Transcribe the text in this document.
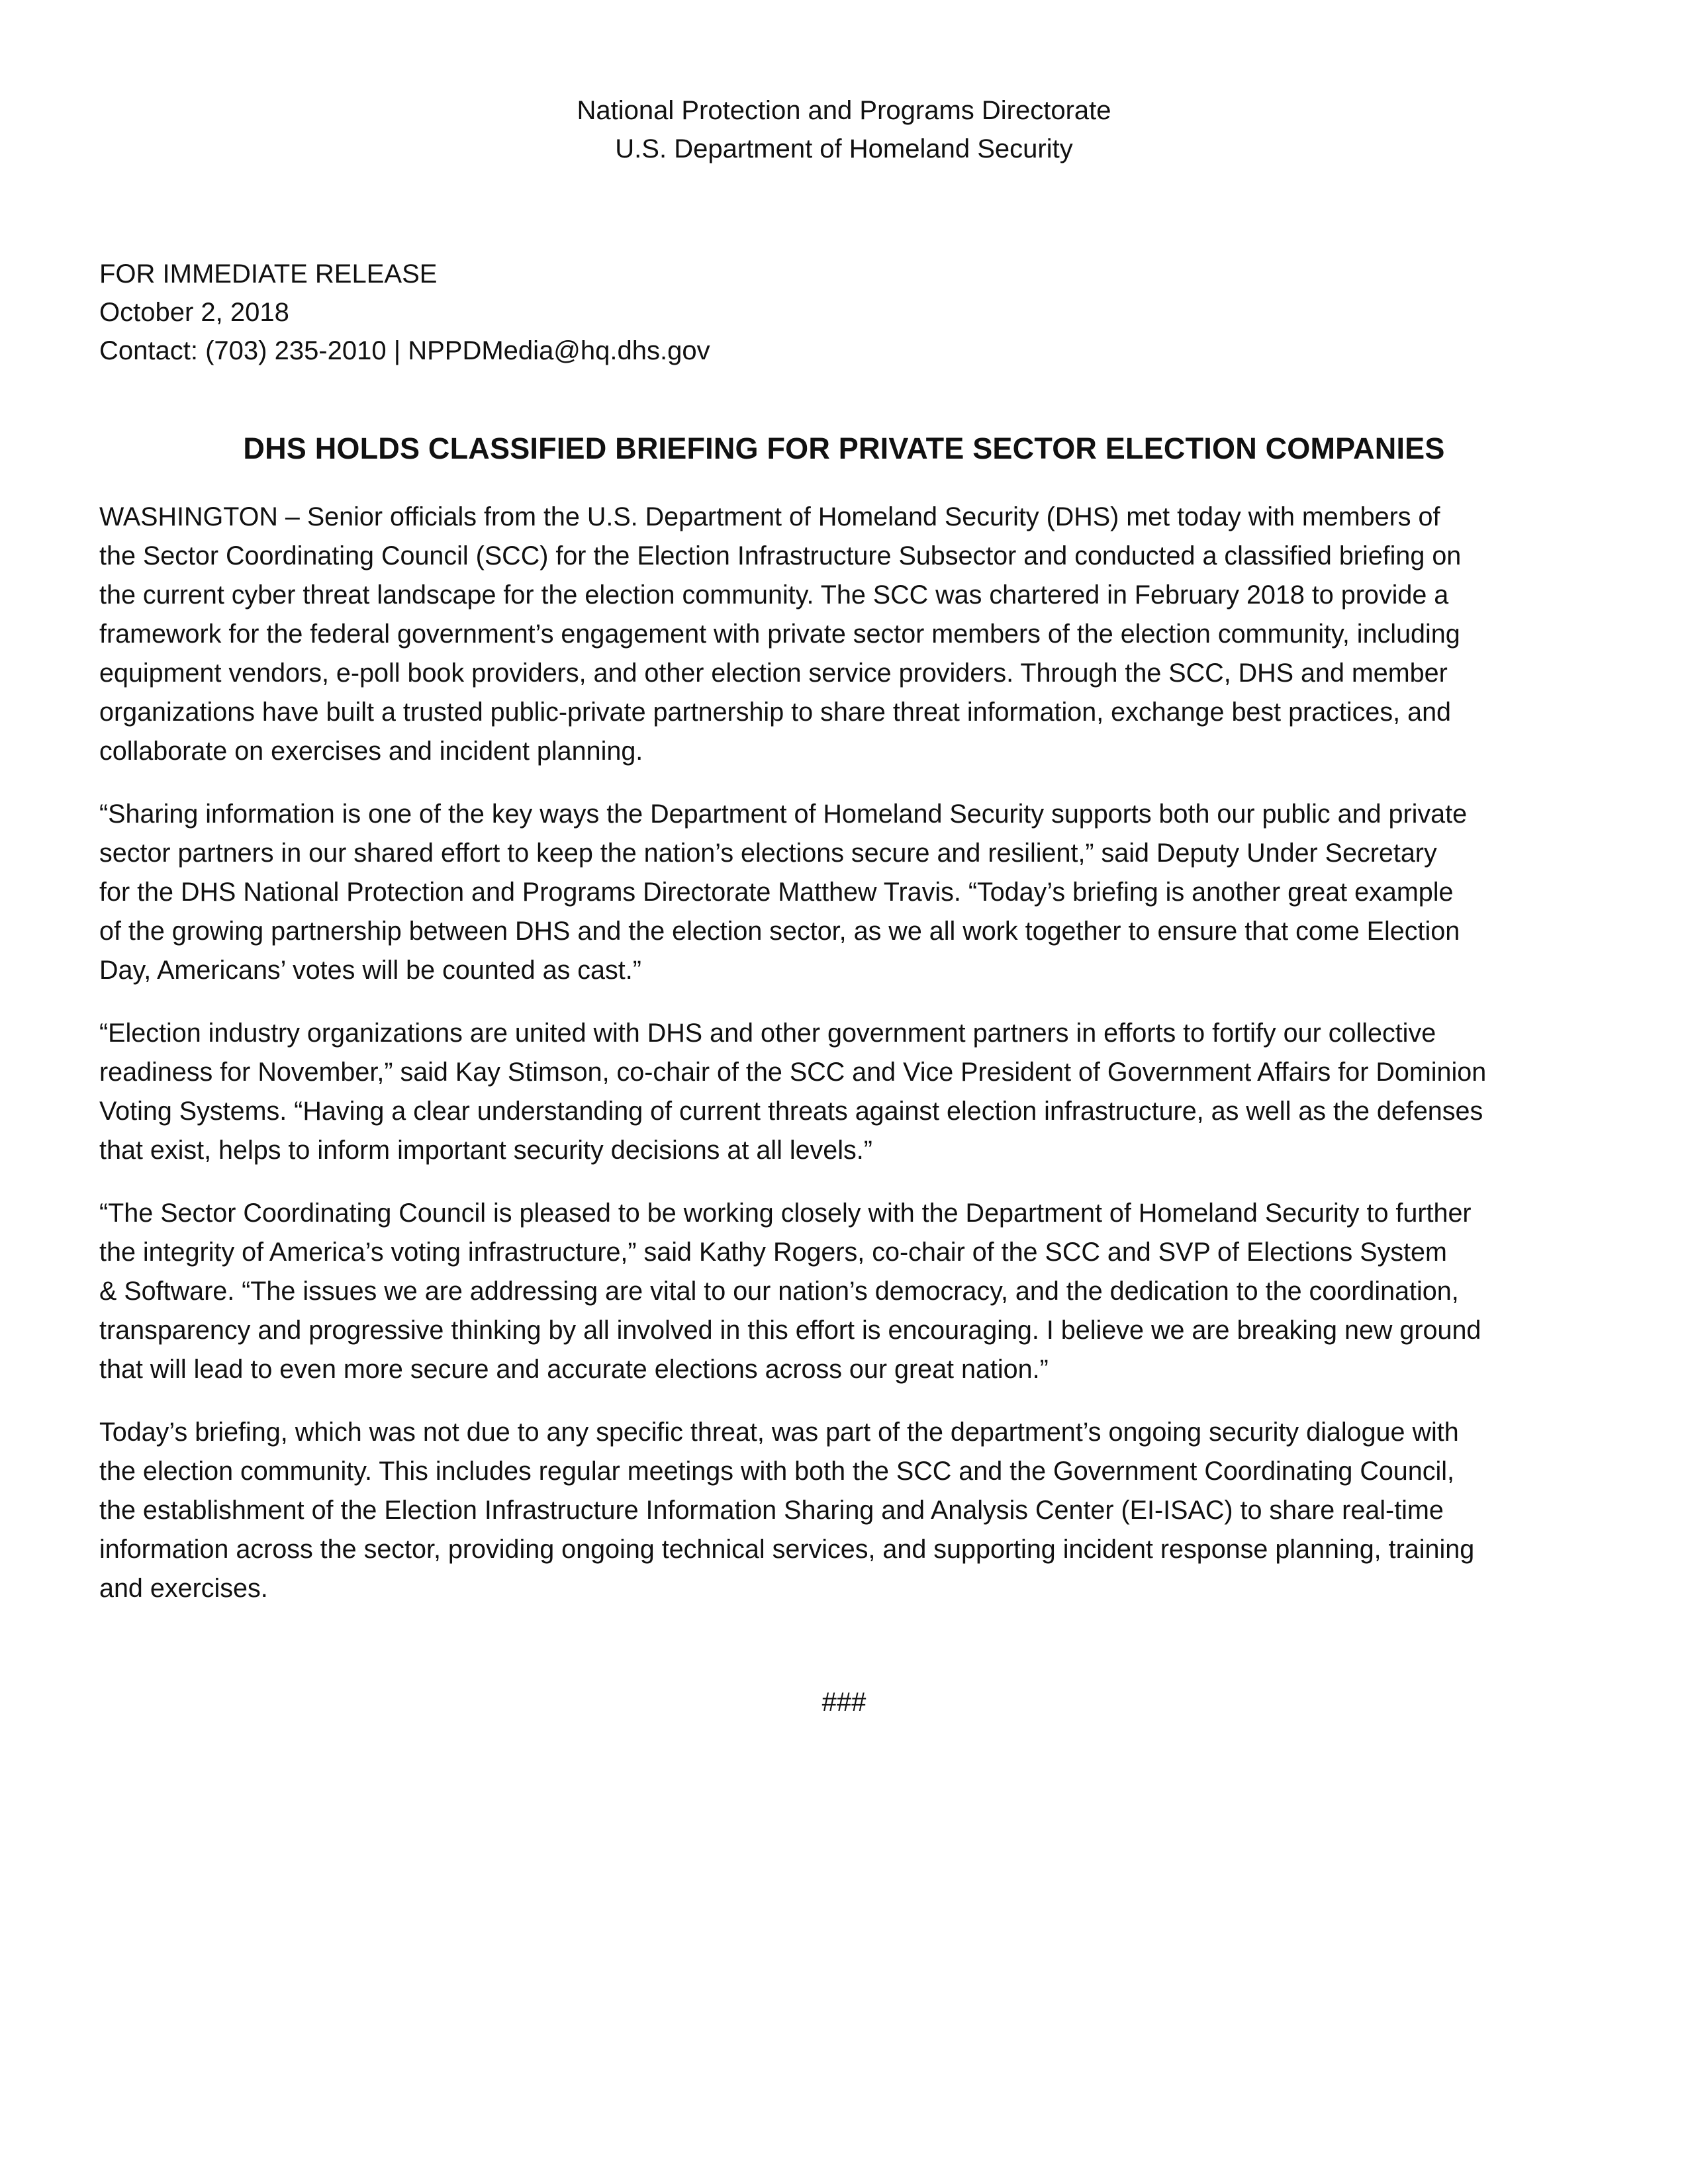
National Protection and Programs Directorate
U.S. Department of Homeland Security
FOR IMMEDIATE RELEASE
October 2, 2018
Contact: (703) 235-2010 | NPPDMedia@hq.dhs.gov
DHS HOLDS CLASSIFIED BRIEFING FOR PRIVATE SECTOR ELECTION COMPANIES
WASHINGTON – Senior officials from the U.S. Department of Homeland Security (DHS) met today with members of
the Sector Coordinating Council (SCC) for the Election Infrastructure Subsector and conducted a classified briefing on
the current cyber threat landscape for the election community. The SCC was chartered in February 2018 to provide a
framework for the federal government’s engagement with private sector members of the election community, including
equipment vendors, e-poll book providers, and other election service providers. Through the SCC, DHS and member
organizations have built a trusted public-private partnership to share threat information, exchange best practices, and
collaborate on exercises and incident planning.
“Sharing information is one of the key ways the Department of Homeland Security supports both our public and private
sector partners in our shared effort to keep the nation’s elections secure and resilient,” said Deputy Under Secretary
for the DHS National Protection and Programs Directorate Matthew Travis. “Today’s briefing is another great example
of the growing partnership between DHS and the election sector, as we all work together to ensure that come Election
Day, Americans’ votes will be counted as cast.”
“Election industry organizations are united with DHS and other government partners in efforts to fortify our collective
readiness for November,” said Kay Stimson, co-chair of the SCC and Vice President of Government Affairs for Dominion
Voting Systems. “Having a clear understanding of current threats against election infrastructure, as well as the defenses
that exist, helps to inform important security decisions at all levels.”
“The Sector Coordinating Council is pleased to be working closely with the Department of Homeland Security to further
the integrity of America’s voting infrastructure,” said Kathy Rogers, co-chair of the SCC and SVP of Elections System
& Software. “The issues we are addressing are vital to our nation’s democracy, and the dedication to the coordination,
transparency and progressive thinking by all involved in this effort is encouraging. I believe we are breaking new ground
that will lead to even more secure and accurate elections across our great nation.”
Today’s briefing, which was not due to any specific threat, was part of the department’s ongoing security dialogue with
the election community. This includes regular meetings with both the SCC and the Government Coordinating Council,
the establishment of the Election Infrastructure Information Sharing and Analysis Center (EI-ISAC) to share real-time
information across the sector, providing ongoing technical services, and supporting incident response planning, training
and exercises.
###
